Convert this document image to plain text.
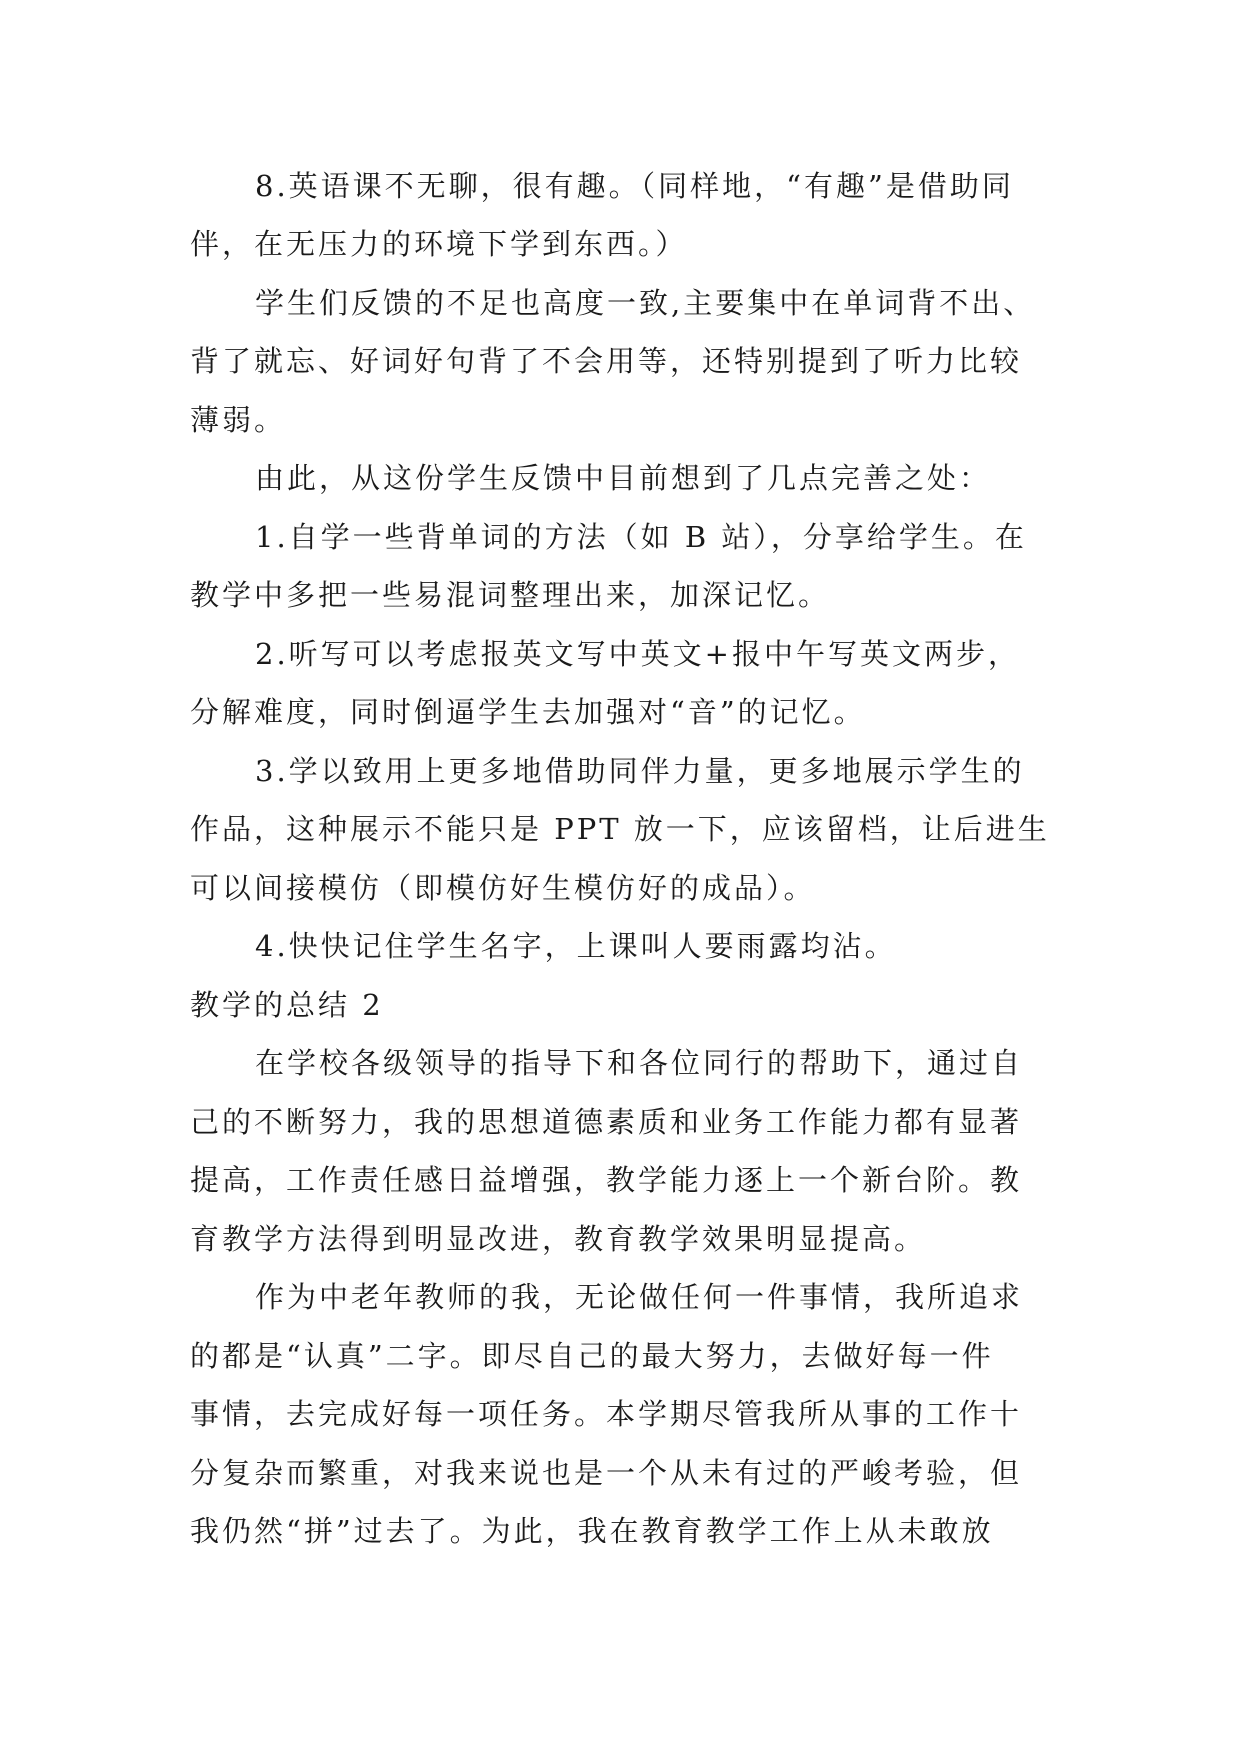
8.英语课不无聊，很有趣。（同样地，“有趣”是借助同
伴，在无压力的环境下学到东西。）
学生们反馈的不足也高度一致,主要集中在单词背不出、
背了就忘、好词好句背了不会用等，还特别提到了听力比较
薄弱。
由此，从这份学生反馈中目前想到了几点完善之处：
1.自学一些背单词的方法（如 B 站），分享给学生。在
教学中多把一些易混词整理出来，加深记忆。
2.听写可以考虑报英文写中英文+报中午写英文两步，
分解难度，同时倒逼学生去加强对“音”的记忆。
3.学以致用上更多地借助同伴力量，更多地展示学生的
作品，这种展示不能只是 PPT 放一下，应该留档，让后进生
可以间接模仿（即模仿好生模仿好的成品）。
4.快快记住学生名字，上课叫人要雨露均沾。
教学的总结 2
在学校各级领导的指导下和各位同行的帮助下，通过自
己的不断努力，我的思想道德素质和业务工作能力都有显著
提高，工作责任感日益增强，教学能力逐上一个新台阶。教
育教学方法得到明显改进，教育教学效果明显提高。
作为中老年教师的我，无论做任何一件事情，我所追求
的都是“认真”二字。即尽自己的最大努力，去做好每一件
事情，去完成好每一项任务。本学期尽管我所从事的工作十
分复杂而繁重，对我来说也是一个从未有过的严峻考验，但
我仍然“拼”过去了。为此，我在教育教学工作上从未敢放
